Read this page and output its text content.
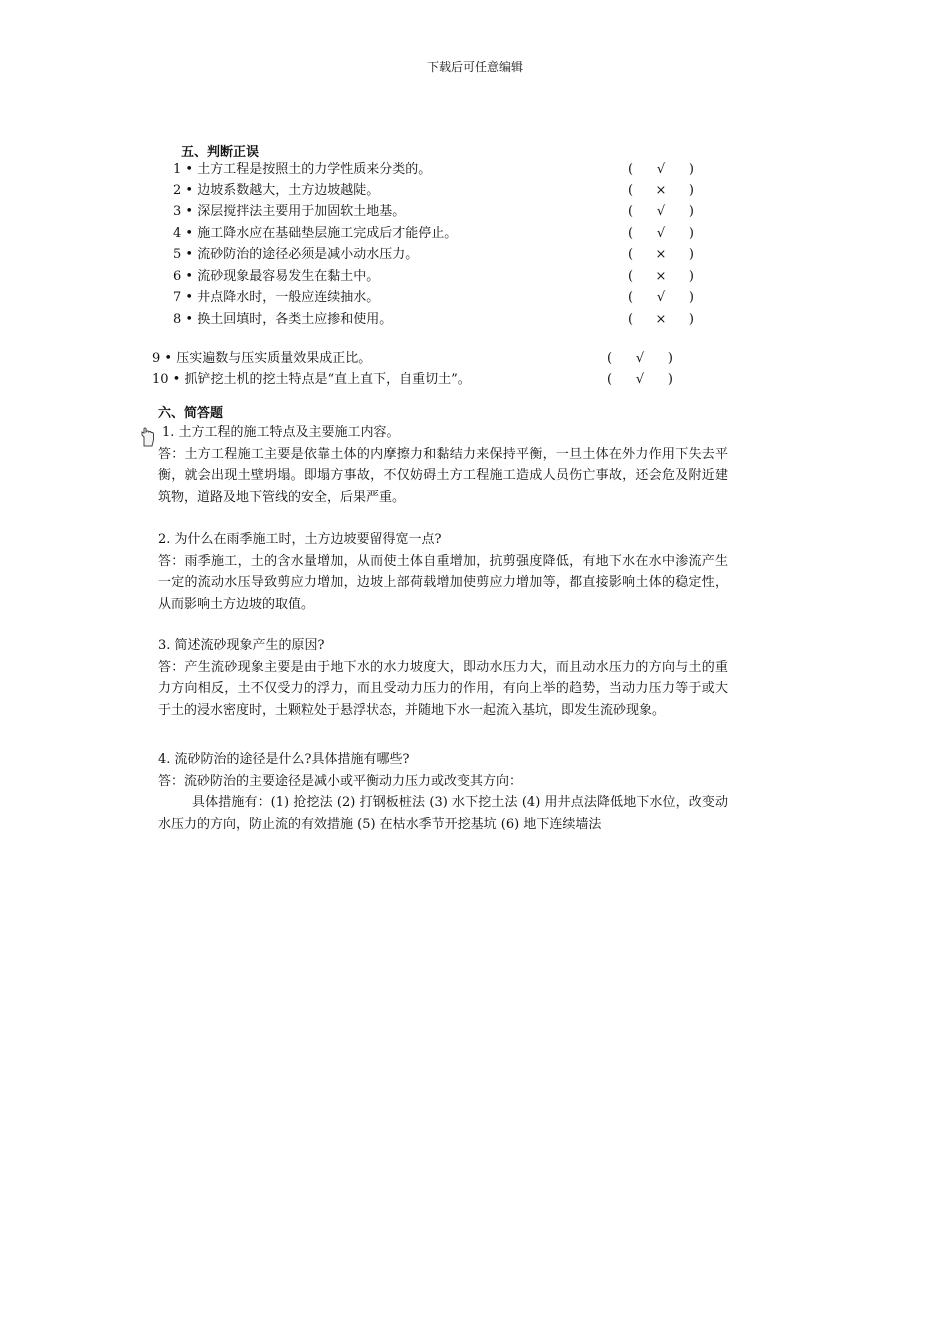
下载后可任意编辑
五、判断正误
1 • 土方工程是按照土的力学性质来分类的。	( √ )
2 • 边坡系数越大，土方边坡越陡。	( × )
3 • 深层搅拌法主要用于加固软土地基。	( √ )
4 • 施工降水应在基础垫层施工完成后才能停止。	( √ )
5 • 流砂防治的途径必须是减小动水压力。	( × )
6 • 流砂现象最容易发生在黏土中。	( × )
7 • 井点降水时，一般应连续抽水。	( √ )
8 • 换土回填时，各类土应掺和使用。	( × )
9 • 压实遍数与压实质量效果成正比。	( √ )
10 • 抓铲挖土机的挖土特点是“直上直下，自重切土”。	( √ )
六、简答题

1. 土方工程的施工特点及主要施工内容。

答：土方工程施工主要是依靠土体的内摩擦力和黏结力来保持平衡，一旦土体在外力作用下失去平衡，就会出现土壁坍塌。即塌方事故，不仅妨碍土方工程施工造成人员伤亡事故，还会危及附近建筑物，道路及地下管线的安全，后果严重。

2. 为什么在雨季施工时，土方边坡要留得宽一点?

答：雨季施工，土的含水量增加，从而使土体自重增加，抗剪强度降低，有地下水在水中渗流产生一定的流动水压导致剪应力增加，边坡上部荷载增加使剪应力增加等，都直接影响土体的稳定性，从而影响土方边坡的取值。

3. 简述流砂现象产生的原因?

答：产生流砂现象主要是由于地下水的水力坡度大，即动水压力大，而且动水压力的方向与土的重力方向相反，土不仅受力的浮力，而且受动力压力的作用，有向上举的趋势，当动力压力等于或大于土的浸水密度时，土颗粒处于悬浮状态，并随地下水一起流入基坑，即发生流砂现象。

4. 流砂防治的途径是什么?具体措施有哪些?

答：流砂防治的主要途径是减小或平衡动力压力或改变其方向：

具体措施有：(1) 抢挖法 (2) 打钢板桩法 (3) 水下挖土法 (4) 用井点法降低地下水位，改变动水压力的方向，防止流的有效措施 (5) 在枯水季节开挖基坑 (6) 地下连续墙法
